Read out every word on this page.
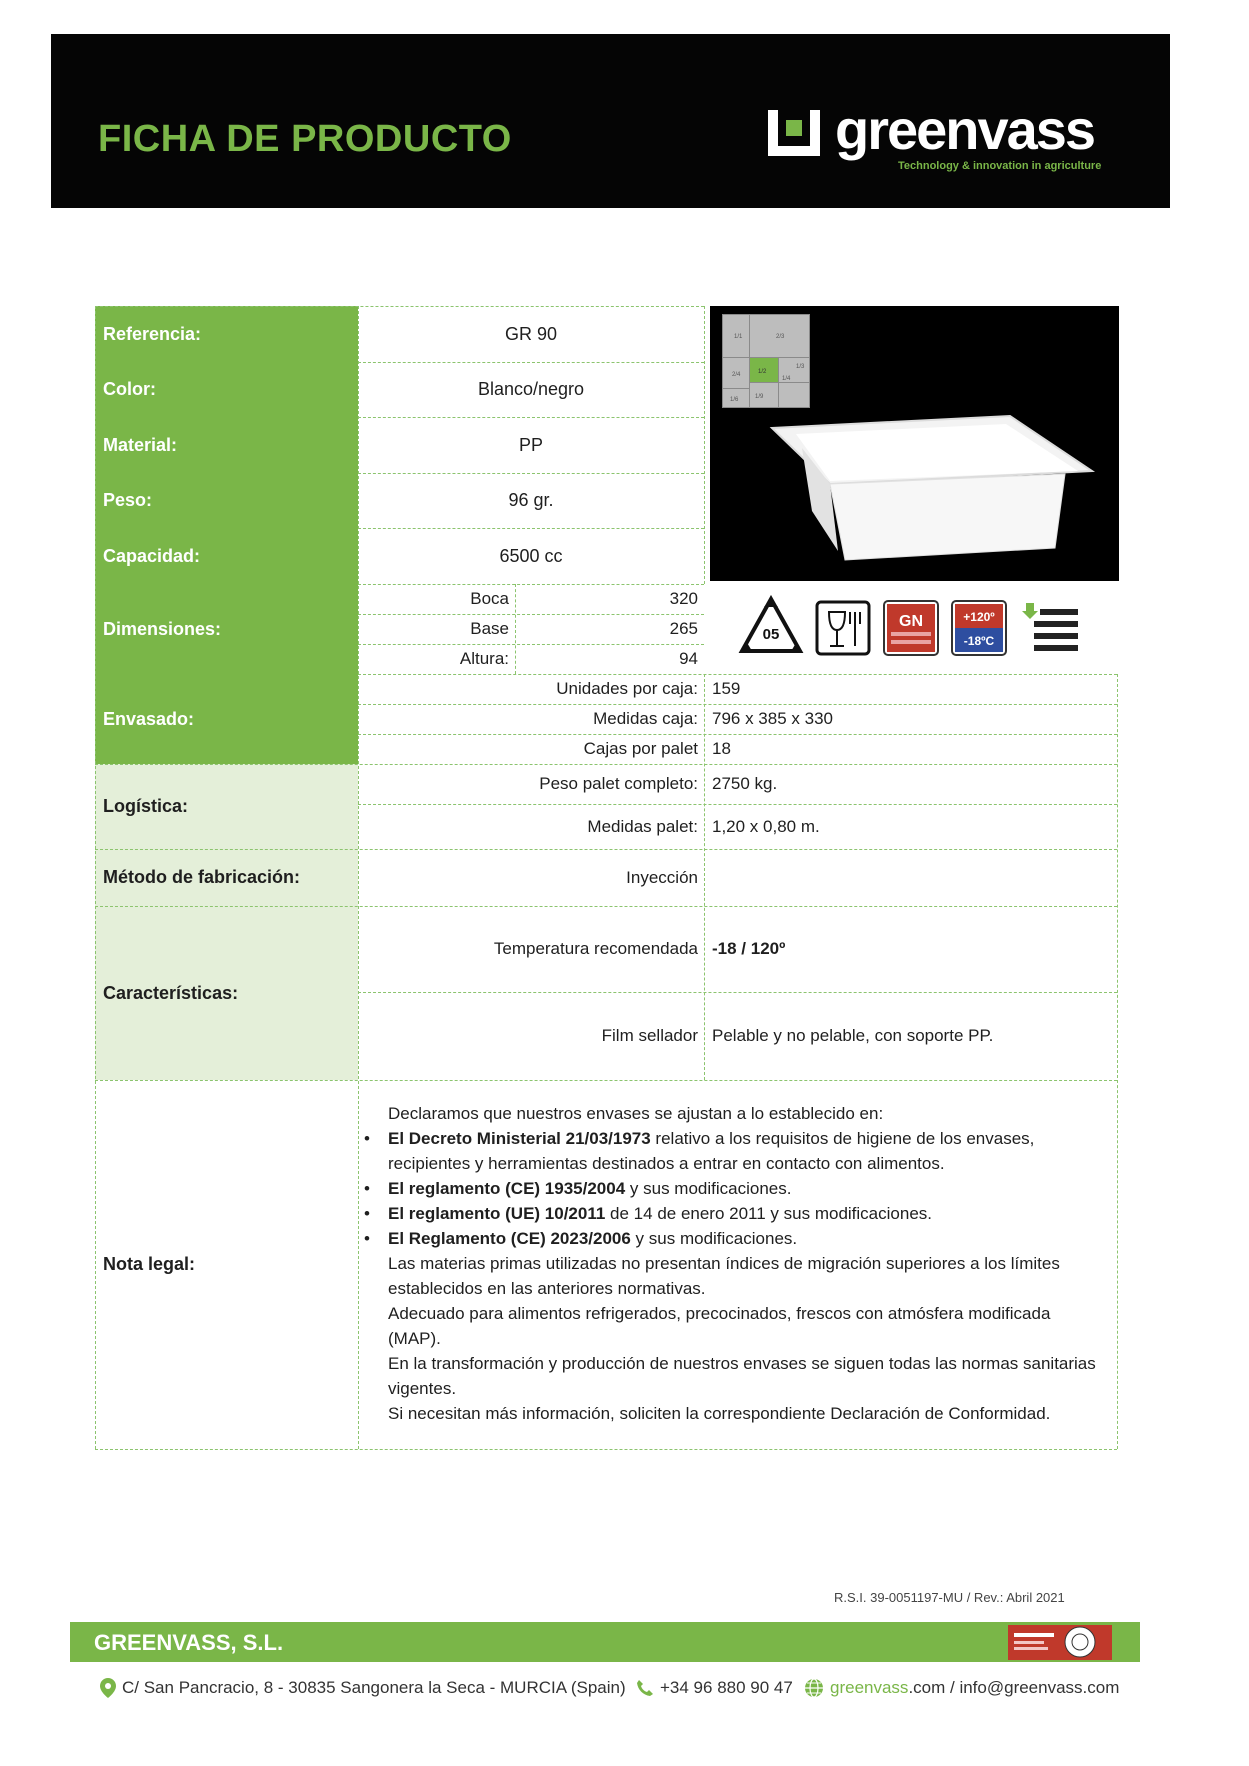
FICHA DE PRODUCTO	greenvass
Technology & innovation in agriculture
Referencia:	GR 90
Color:	Blanco/negro
Material:	PP
Peso:	96 gr.
Capacidad:	6500 cc
Dimensiones:
Boca	320
Base	265
Altura:	94
Envasado:
Unidades por caja: 159
Medidas caja: 796 x 385 x 330
Cajas por palet 18
Logística:
Peso palet completo: 2750 kg.
Medidas palet: 1,20 x 0,80 m.
Método de fabricación:	Inyección
Características:
Temperatura recomendada -18 / 120º
Film sellador Pelable y no pelable, con soporte PP.
Nota legal:

Declaramos que nuestros envases se ajustan a lo establecido en:

• El Decreto Ministerial 21/03/1973 relativo a los requisitos de higiene de los envases, recipientes y herramientas destinados a entrar en contacto con alimentos.
• El reglamento (CE) 1935/2004 y sus modificaciones.
• El reglamento (UE) 10/2011 de 14 de enero 2011 y sus modificaciones.
• El Reglamento (CE) 2023/2006 y sus modificaciones.

Las materias primas utilizadas no presentan índices de migración superiores a los límites establecidos en las anteriores normativas.

Adecuado para alimentos refrigerados, precocinados, frescos con atmósfera modificada (MAP).

En la transformación y producción de nuestros envases se siguen todas las normas sanitarias vigentes.

Si necesitan más información, soliciten la correspondiente Declaración de Conformidad.

1/1	2/3
2/4	1/2
1/3
1/4
1/6	1/9
05
GN	+120º
-18ºC
R.S.I. 39-0051197-MU / Rev.: Abril 2021
GREENVASS, S.L.
C/ San Pancracio, 8 - 30835 Sangonera la Seca - MURCIA (Spain) +34 96 880 90 47 greenvass.com / info@greenvass.com
